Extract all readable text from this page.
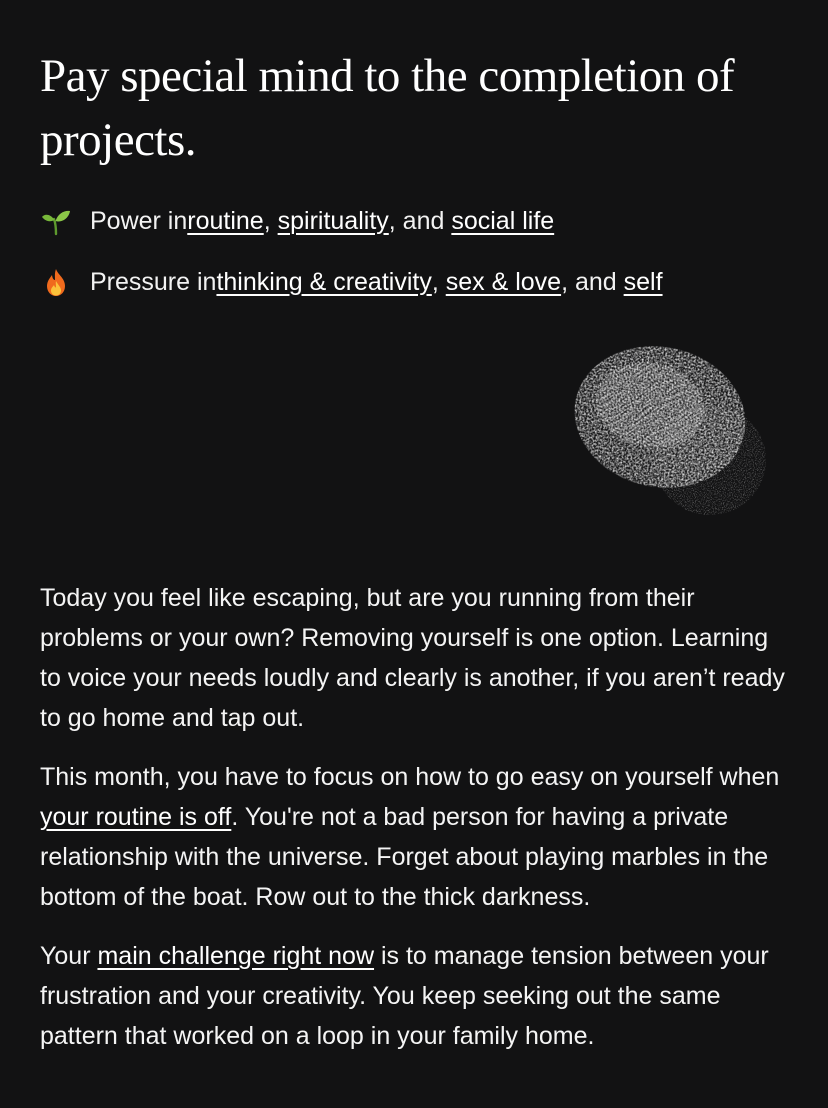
Pay special mind to the completion of projects.
Power in routine , spirituality , and social life
Pressure in thinking & creativity , sex & love , and self

Today you feel like escaping, but are you running from their problems or your own? Removing yourself is one option. Learning to voice your needs loudly and clearly is another, if you aren’t ready to go home and tap out.

This month, you have to focus on how to go easy on yourself when your routine is off. You're not a bad person for having a private relationship with the universe. Forget about playing marbles in the bottom of the boat. Row out to the thick darkness.

Your main challenge right now is to manage tension between your frustration and your creativity. You keep seeking out the same pattern that worked on a loop in your family home.
